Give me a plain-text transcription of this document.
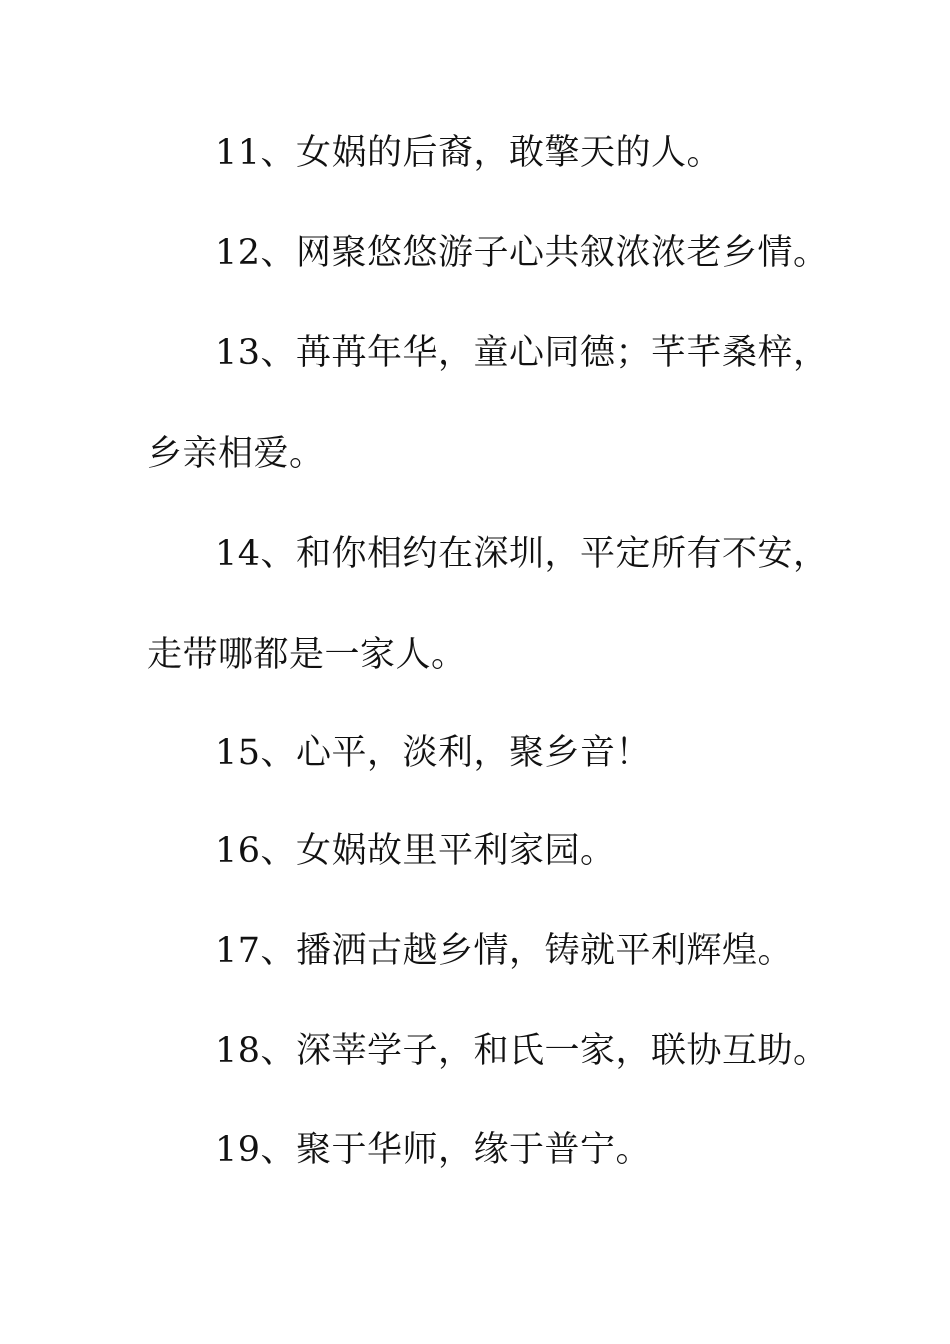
11、女娲的后裔，敢擎天的人。
12、网聚悠悠游子心共叙浓浓老乡情。
13、苒苒年华，童心同德；芊芊桑梓，
乡亲相爱。
14、和你相约在深圳，平定所有不安，
走带哪都是一家人。
15、心平，淡利，聚乡音！
16、女娲故里平利家园。
17、播洒古越乡情，铸就平利辉煌。
18、深莘学子，和氏一家，联协互助。
19、聚于华师，缘于普宁。
